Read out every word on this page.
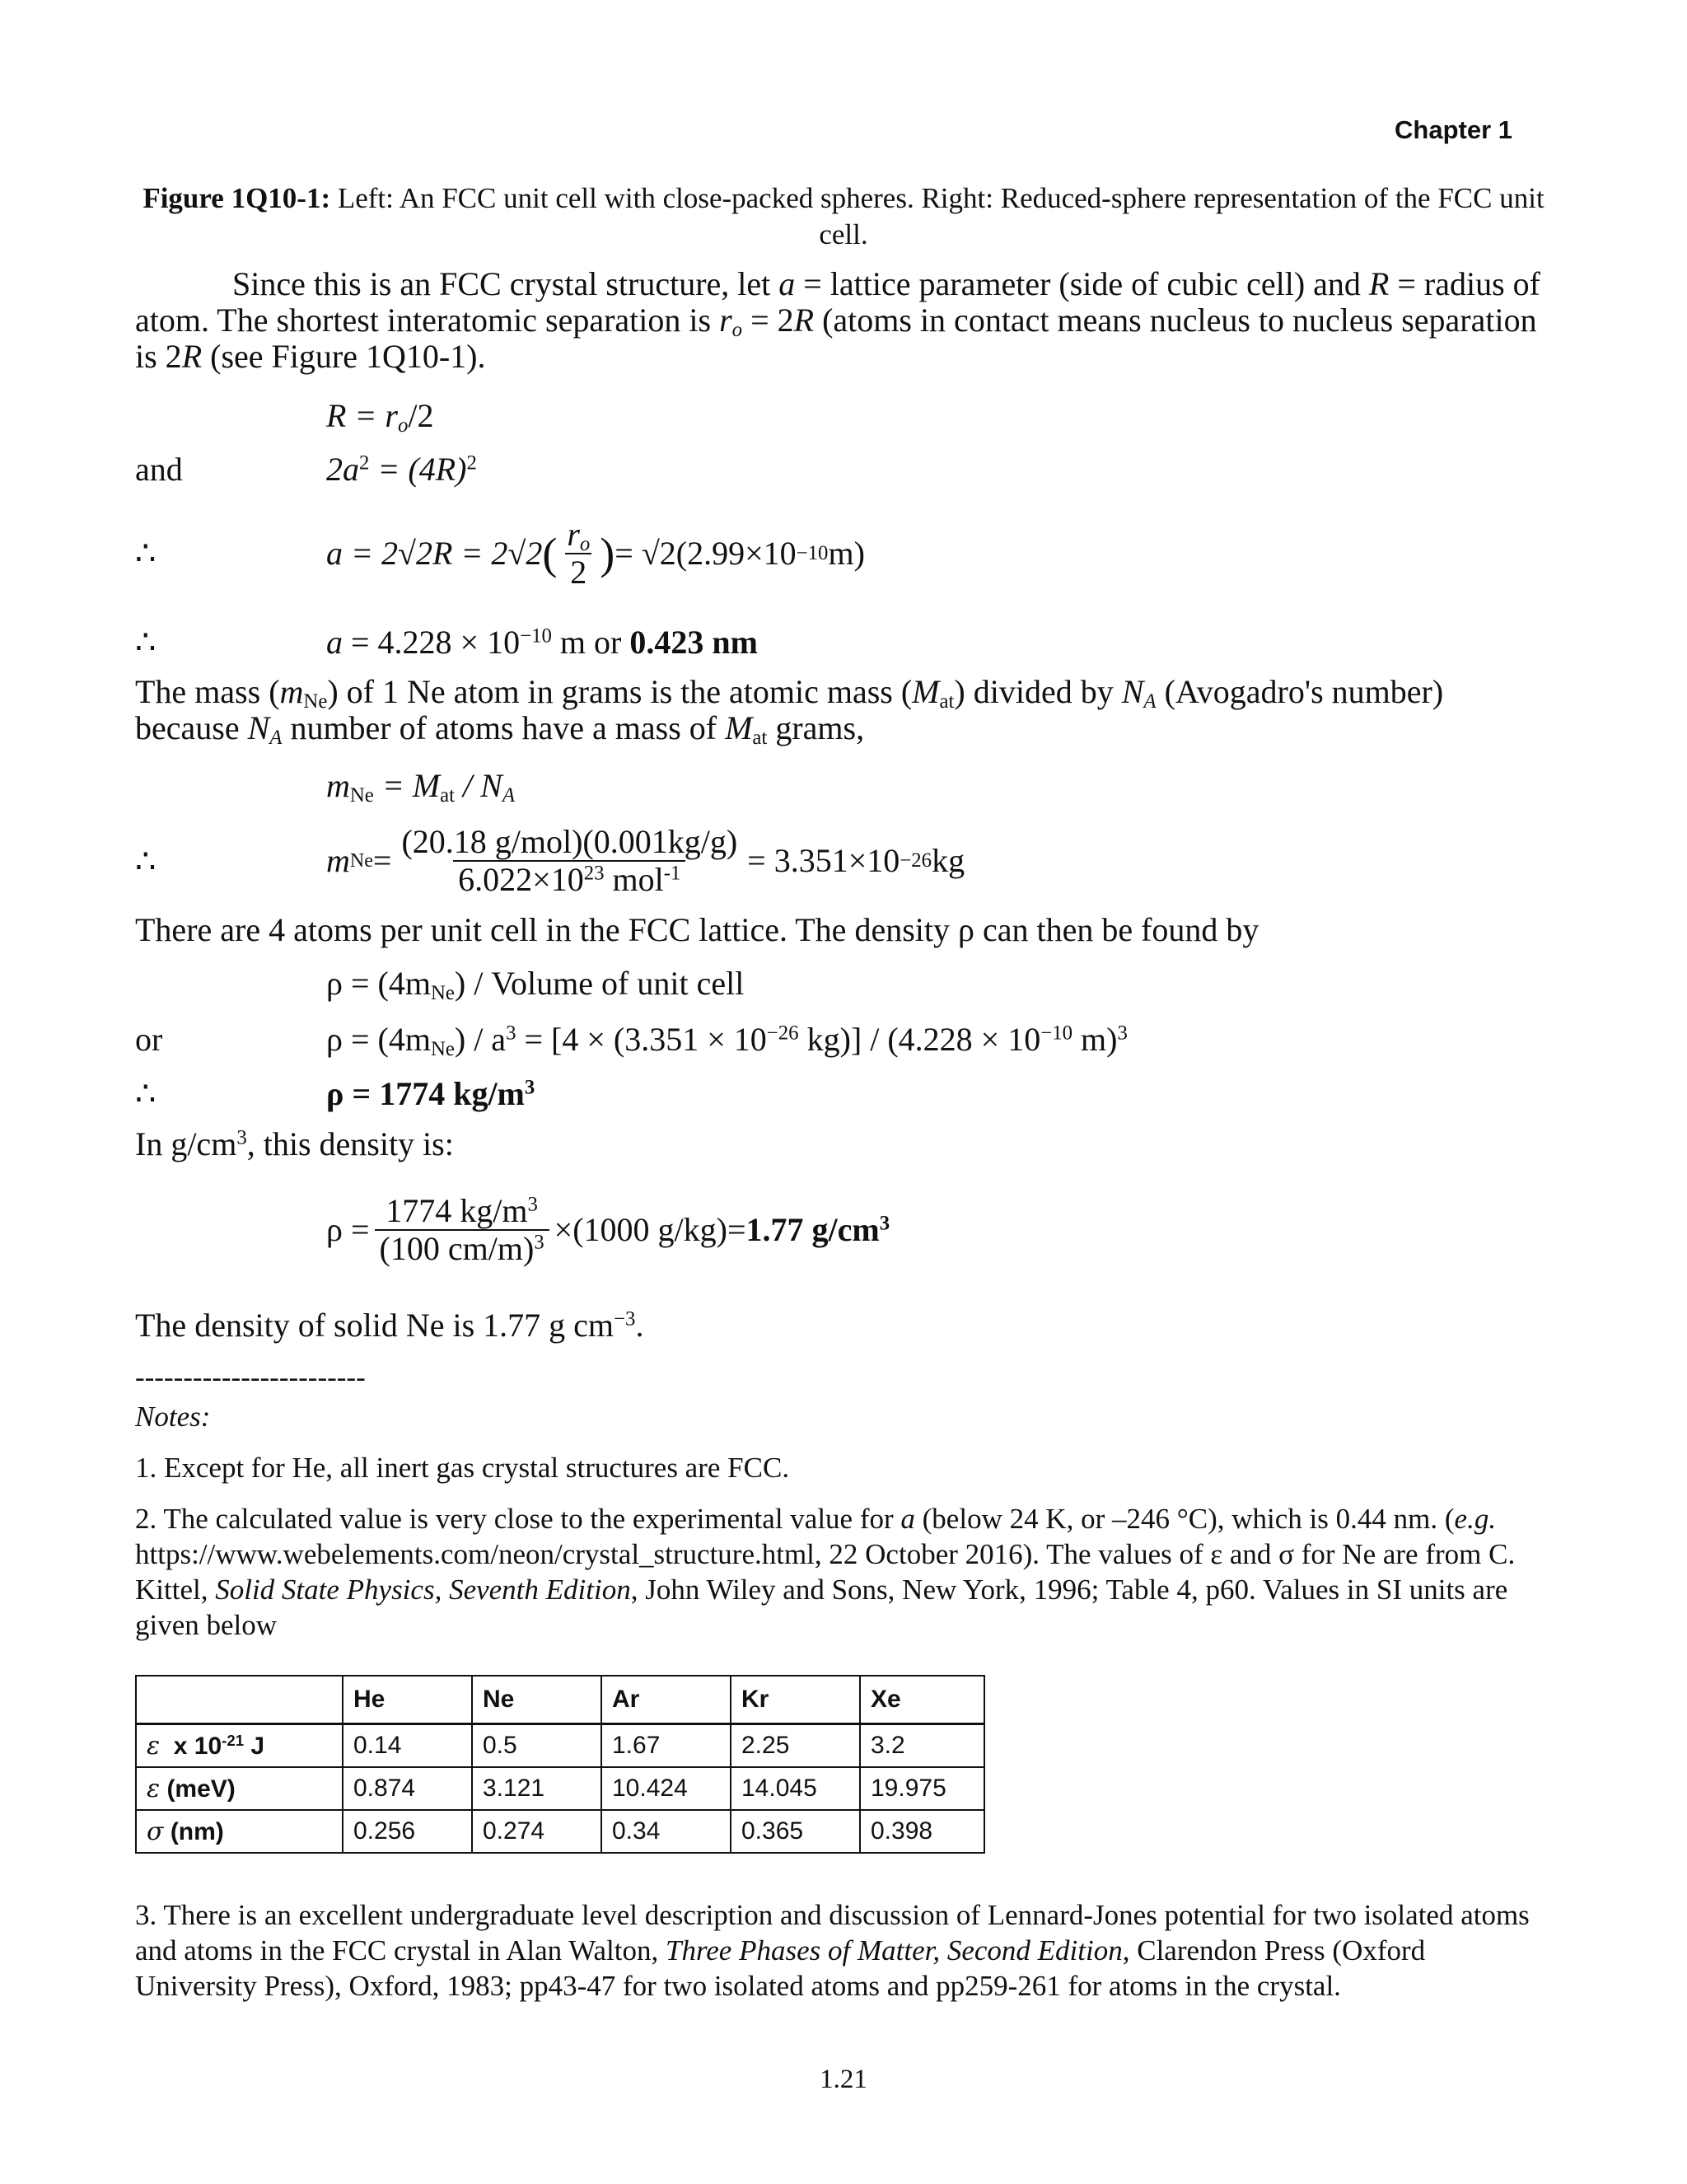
Chapter 1
Figure 1Q10-1: Left: An FCC unit cell with close-packed spheres. Right: Reduced-sphere representation of the FCC unit cell.
Since this is an FCC crystal structure, let a = lattice parameter (side of cubic cell) and R = radius of atom. The shortest interatomic separation is $r_o = 2R$ (atoms in contact means nucleus to nucleus separation is 2R (see Figure 1Q10-1).
$R = r_o/2$
and	$2a^2 = (4R)^2$
∴	a = 2√2R = 2√2 ( $\frac{r_o}{2}$ ) = √2(2.99×10 −10 m)
∴	$a = 4.228 \times 10^{-10}$ m or 0.423 nm
The mass $(m_{Ne})$ of 1 Ne atom in grams is the atomic mass $(M_{at})$ divided by $N_A$ (Avogadro's number) because $N_A$ number of atoms have a mass of $M_{at}$ grams,
$m_{Ne} = M_{at} / N_A$
∴	m $Ne = \frac{\text{(20.18 g/mol)(0.001kg/g)}}{6.022\times 10^{23} mol^{-1}} = 3.351\times 10 -26$ kg
There are 4 atoms per unit cell in the FCC lattice. The density ρ can then be found by
$\rho = (4m_{Ne})$ / Volume of unit cell
or	$\rho = (4m_{Ne}) / a^3 = [4 \times (3.351 \times 10^{-26}$ $kg)] / (4.228 \times 10^{-10}$ m)$^3$
∴	ρ = 1774 $kg/m^3$
In $g/cm^3$, this density is:
$\rho = \frac{1774 kg/m^3}{(100 cm/m)^3} \times(1000$ g/kg) = 1.77 $g/cm^3$
The density of solid Ne is 1.77 g $cm^{-3}$.
------------------------
Notes:
1. Except for He, all inert gas crystal structures are FCC.
2. The calculated value is very close to the experimental value for a (below 24 K, or –246 °C), which is 0.44 nm. (e.g. https://www.webelements.com/neon/crystal_structure.html, 22 October 2016). The values of ε and σ for Ne are from C. Kittel, Solid State Physics, Seventh Edition, John Wiley and Sons, New York, 1996; Table 4, p60. Values in SI units are given below
	He	Ne	Ar	Kr	Xe
ε x $10^{-21}$ J	0.14	0.5	1.67	2.25	3.2
ε (meV)	0.874	3.121	10.424	14.045	19.975
σ (nm)	0.256	0.274	0.34	0.365	0.398
3. There is an excellent undergraduate level description and discussion of Lennard-Jones potential for two isolated atoms and atoms in the FCC crystal in Alan Walton, Three Phases of Matter, Second Edition, Clarendon Press (Oxford University Press), Oxford, 1983; pp43-47 for two isolated atoms and pp259-261 for atoms in the crystal.
1.21
